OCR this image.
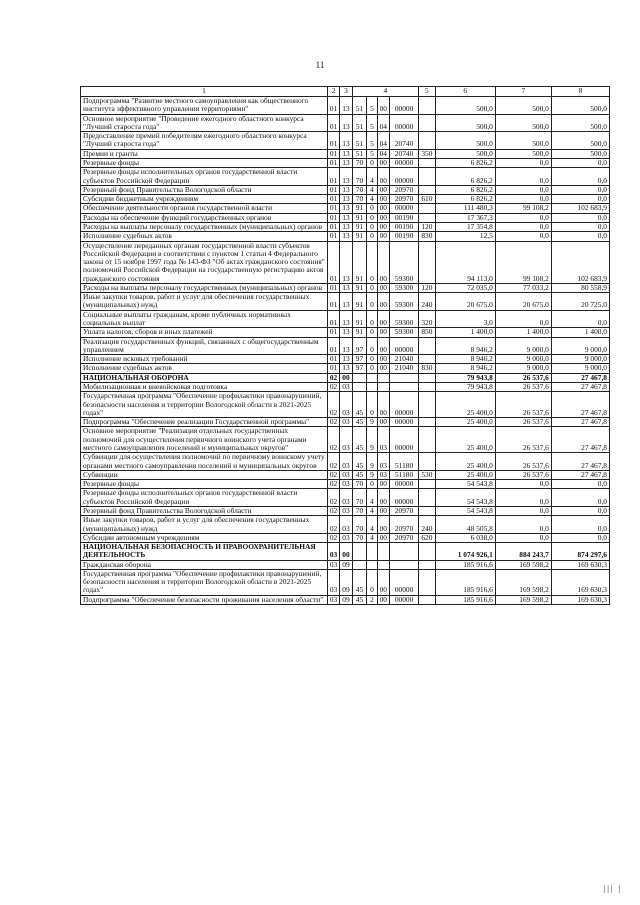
11
1	2	3	4				5	6	7	8
Подпрограмма "Развитие местного самоуправления как общественного института эффективного управления территориями"	01	13	51	5	00	00000		500,0	500,0	500,0
Основное мероприятие "Проведение ежегодного областного конкурса "Лучший староста года"	01	13	51	5	04	00000		500,0	500,0	500,0
Предоставление премий победителям ежегодного областного конкурса "Лучший староста года"	01	13	51	5	04	20740		500,0	500,0	500,0
Премии и гранты	01	13	51	5	04	20740	350	500,0	500,0	500,0
Резервные фонды	01	13	70	0	00	00000		6 826,2	0,0	0,0
Резервные фонды исполнительных органов государственной власти субъектов Российской Федерации	01	13	70	4	00	00000		6 826,2	0,0	0,0
Резервный фонд Правительства Вологодской области	01	13	70	4	00	20970		6 826,2	0,0	0,0
Субсидии бюджетным учреждениям	01	13	70	4	00	20970	610	6 826,2	0,0	0,0
Обеспечение деятельности органов государственной власти	01	13	91	0	00	00000		111 480,3	99 108,2	102 683,9
Расходы на обеспечение функций государственных органов	01	13	91	0	00	00190		17 367,3	0,0	0,0
Расходы на выплаты персоналу государственных (муниципальных) органов	01	13	91	0	00	00190	120	17 354,8	0,0	0,0
Исполнение судебных актов	01	13	91	0	00	00190	830	12,5	0,0	0,0
Осуществление переданных органам государственной власти субъектов Российской Федерации в соответствии с пунктом 1 статьи 4 Федерального закона от 15 ноября 1997 года № 143-ФЗ "Об актах гражданского состояния" полномочий Российской Федерации на государственную регистрацию актов гражданского состояния	01	13	91	0	00	59300		94 113,0	99 108,2	102 683,9
Расходы на выплаты персоналу государственных (муниципальных) органов	01	13	91	0	00	59300	120	72 035,0	77 033,2	80 558,9
Иные закупки товаров, работ и услуг для обеспечения государственных (муниципальных) нужд	01	13	91	0	00	59300	240	20 675,0	20 675,0	20 725,0
Социальные выплаты гражданам, кроме публичных нормативных социальных выплат	01	13	91	0	00	59300	320	3,0	0,0	0,0
Уплата налогов, сборов и иных платежей	01	13	91	0	00	59300	850	1 400,0	1 400,0	1 400,0
Реализация государственных функций, связанных с общегосударственным управлением	01	13	97	0	00	00000		8 946,2	9 000,0	9 000,0
Исполнение исковых требований	01	13	97	0	00	21040		8 946,2	9 000,0	9 000,0
Исполнение судебных актов	01	13	97	0	00	21040	830	8 946,2	9 000,0	9 000,0
НАЦИОНАЛЬНАЯ ОБОРОНА	02	00						79 943,8	26 537,6	27 467,8
Мобилизационная и вневойсковая подготовка	02	03						79 943,8	26 537,6	27 467,8
Государственная программа "Обеспечение профилактики правонарушений, безопасности населения и территории Вологодской области в 2021-2025 годах"	02	03	45	0	00	00000		25 400,0	26 537,6	27 467,8
Подпрограмма "Обеспечение реализации Государственной программы"	02	03	45	9	00	00000		25 400,0	26 537,6	27 467,8
Основное мероприятие "Реализация отдельных государственных полномочий для осуществления первичного воинского учета органами местного самоуправления поселений и муниципальных округов"	02	03	45	9	03	00000		25 400,0	26 537,6	27 467,8
Субвенции для осуществления полномочий по первичному воинскому учету органами местного самоуправления поселений и муниципальных округов	02	03	45	9	03	51180		25 400,0	26 537,6	27 467,8
Субвенции	02	03	45	9	03	51180	530	25 400,0	26 537,6	27 467,8
Резервные фонды	02	03	70	0	00	00000		54 543,8	0,0	0,0
Резервные фонды исполнительных органов государственной власти субъектов Российской Федерации	02	03	70	4	00	00000		54 543,8	0,0	0,0
Резервный фонд Правительства Вологодской области	02	03	70	4	00	20970		54 543,8	0,0	0,0
Иные закупки товаров, работ и услуг для обеспечения государственных (муниципальных) нужд	02	03	70	4	00	20970	240	48 505,8	0,0	0,0
Субсидии автономным учреждениям	02	03	70	4	00	20970	620	6 038,0	0,0	0,0
НАЦИОНАЛЬНАЯ БЕЗОПАСНОСТЬ И ПРАВООХРАНИТЕЛЬНАЯ ДЕЯТЕЛЬНОСТЬ	03	00						1 074 926,1	884 243,7	874 297,6
Гражданская оборона	03	09						185 916,6	169 598,2	169 630,3
Государственная программа "Обеспечение профилактики правонарушений, безопасности населения и территории Вологодской области в 2021-2025 годах"	03	09	45	0	00	00000		185 916,6	169 598,2	169 630,3
Подпрограмма "Обеспечение безопасности проживания населения области"	03	09	45	2	00	00000		185 916,6	169 598,2	169 630,3
||| |
